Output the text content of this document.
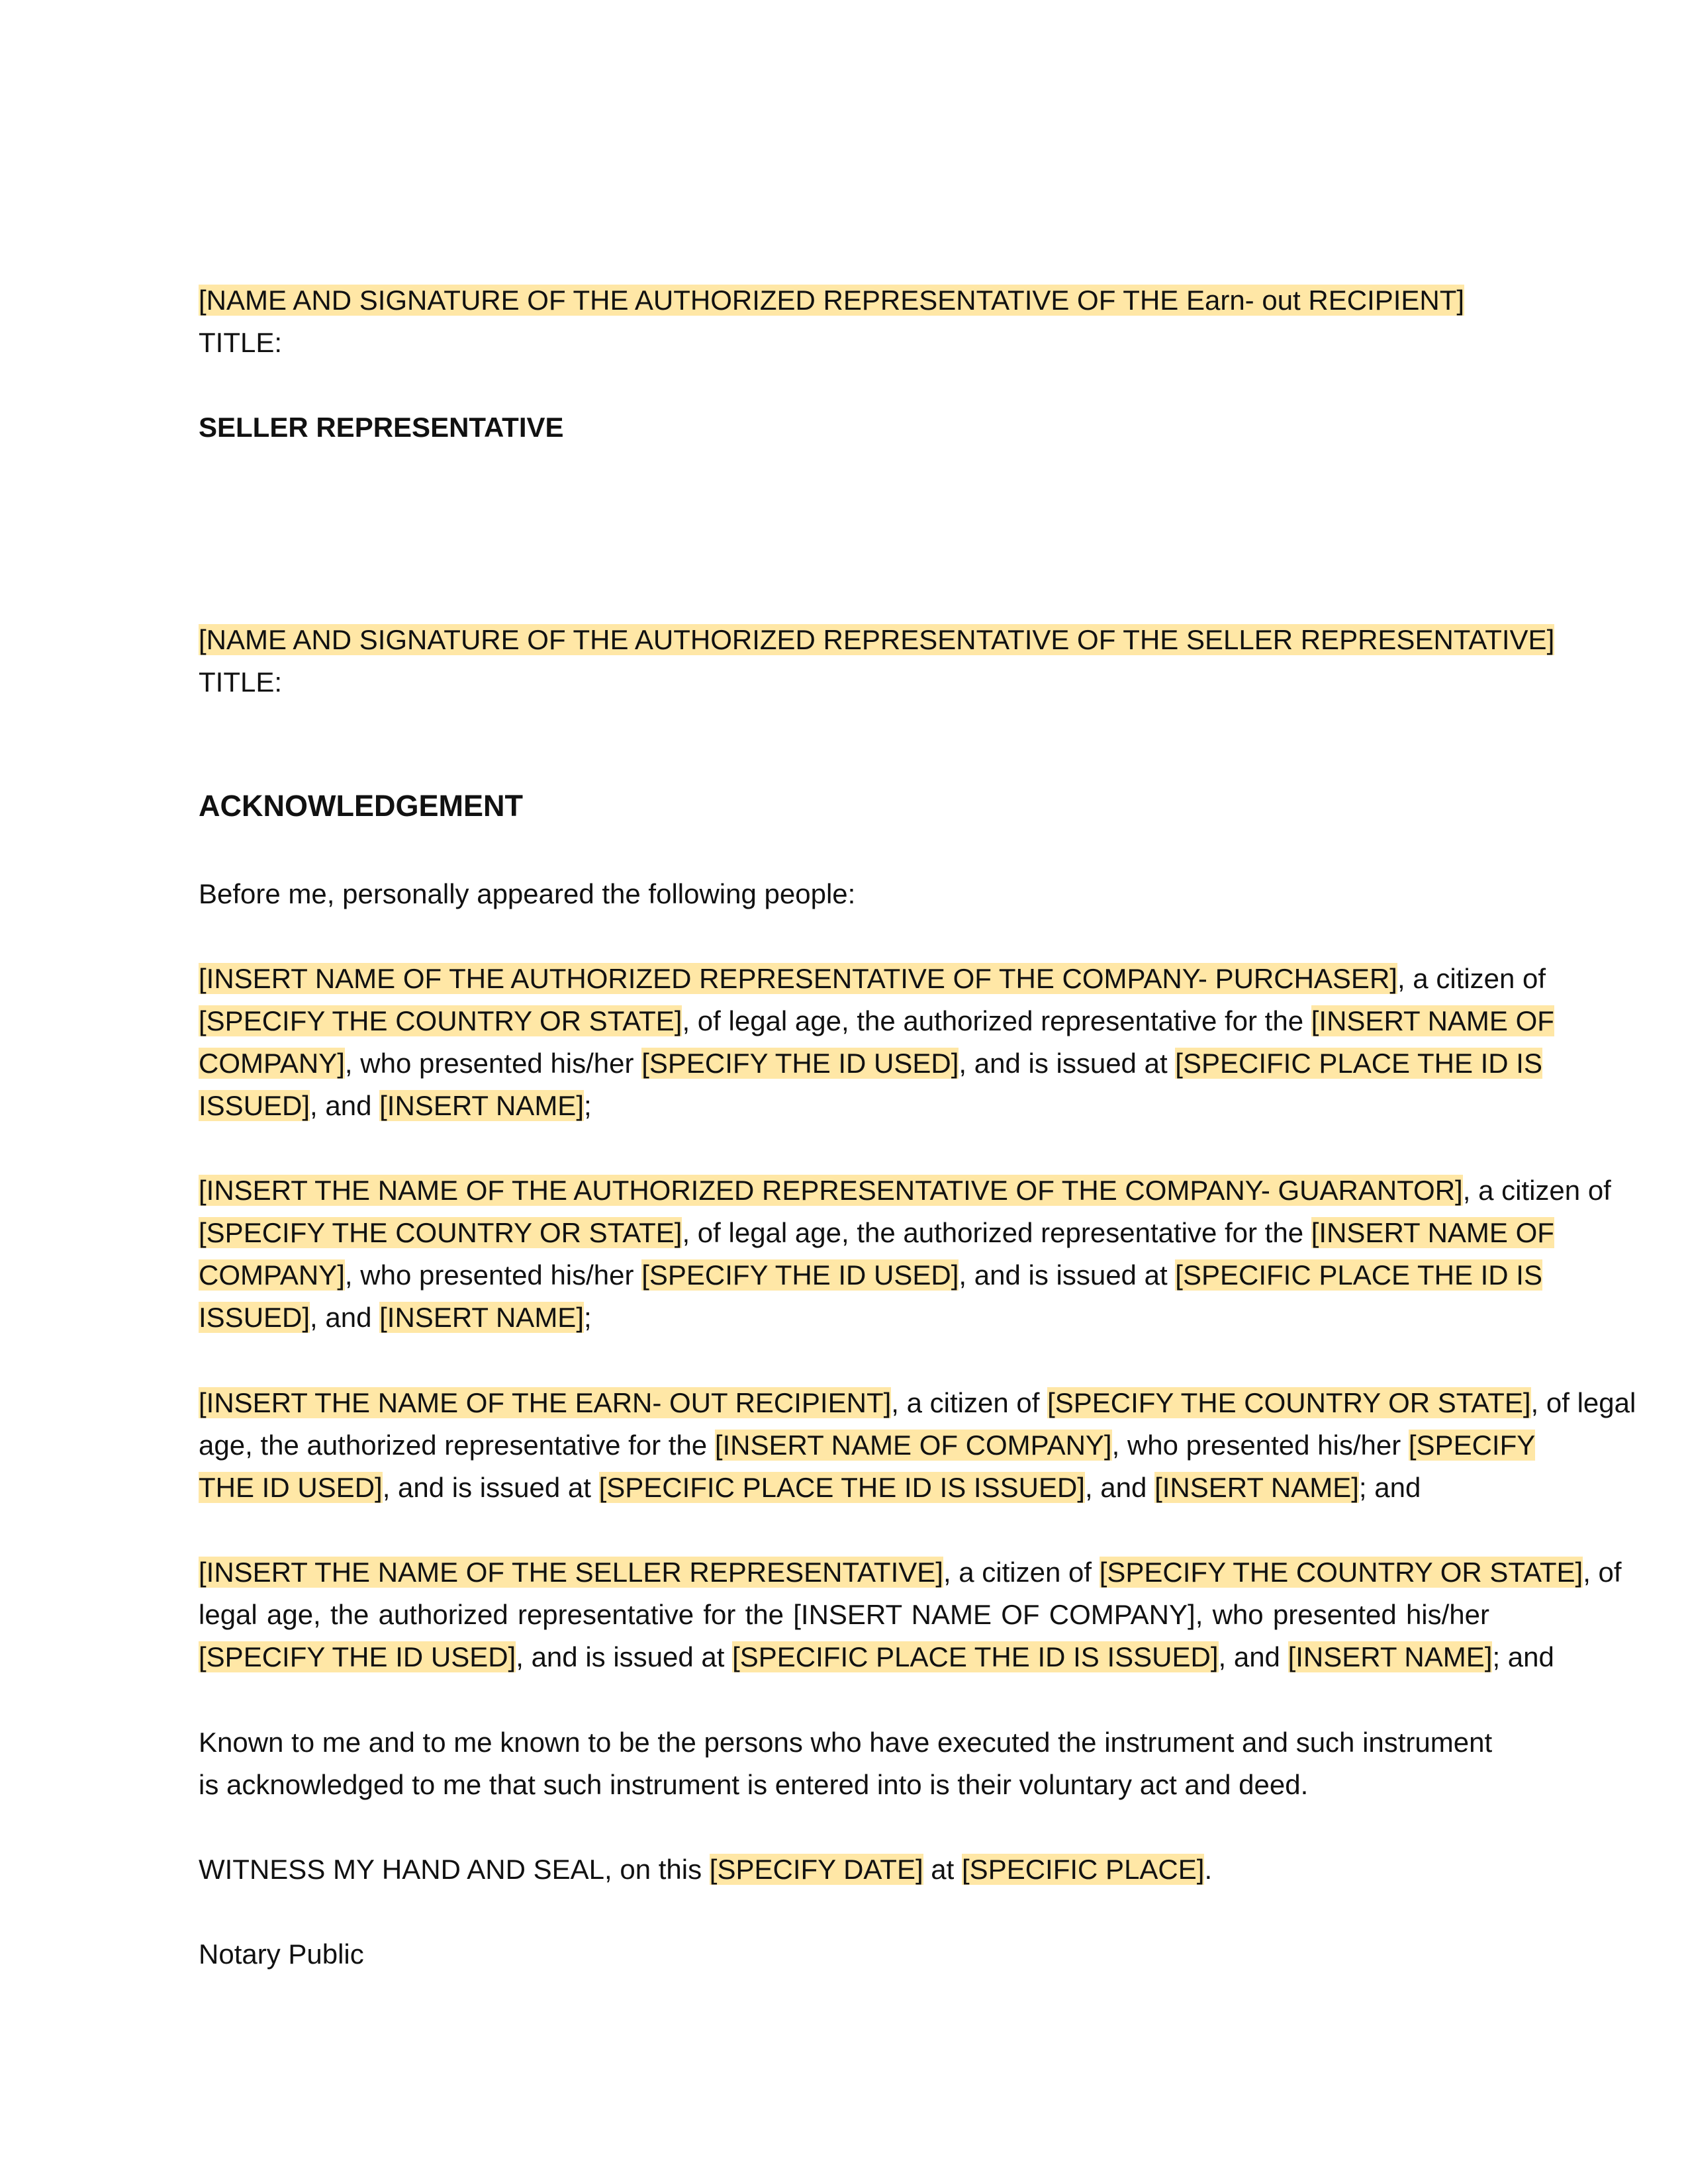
[NAME AND SIGNATURE OF THE AUTHORIZED REPRESENTATIVE OF THE Earn- out RECIPIENT]
TITLE:
SELLER REPRESENTATIVE
[NAME AND SIGNATURE OF THE AUTHORIZED REPRESENTATIVE OF THE SELLER REPRESENTATIVE]
TITLE:
ACKNOWLEDGEMENT
Before me, personally appeared the following people:
[INSERT NAME OF THE AUTHORIZED REPRESENTATIVE OF THE COMPANY- PURCHASER], a citizen of
[SPECIFY THE COUNTRY OR STATE], of legal age, the authorized representative for the [INSERT NAME OF
COMPANY], who presented his/her [SPECIFY THE ID USED], and is issued at [SPECIFIC PLACE THE ID IS
ISSUED], and [INSERT NAME];
[INSERT THE NAME OF THE AUTHORIZED REPRESENTATIVE OF THE COMPANY- GUARANTOR], a citizen of
[SPECIFY THE COUNTRY OR STATE], of legal age, the authorized representative for the [INSERT NAME OF
COMPANY], who presented his/her [SPECIFY THE ID USED], and is issued at [SPECIFIC PLACE THE ID IS
ISSUED], and [INSERT NAME];
[INSERT THE NAME OF THE EARN- OUT RECIPIENT], a citizen of [SPECIFY THE COUNTRY OR STATE], of legal
age, the authorized representative for the [INSERT NAME OF COMPANY], who presented his/her [SPECIFY
THE ID USED], and is issued at [SPECIFIC PLACE THE ID IS ISSUED], and [INSERT NAME]; and
[INSERT THE NAME OF THE SELLER REPRESENTATIVE], a citizen of [SPECIFY THE COUNTRY OR STATE], of
legal age, the authorized representative for the [INSERT NAME OF COMPANY], who presented his/her
[SPECIFY THE ID USED], and is issued at [SPECIFIC PLACE THE ID IS ISSUED], and [INSERT NAME]; and
Known to me and to me known to be the persons who have executed the instrument and such instrument
is acknowledged to me that such instrument is entered into is their voluntary act and deed.
WITNESS MY HAND AND SEAL, on this [SPECIFY DATE] at [SPECIFIC PLACE].
Notary Public
